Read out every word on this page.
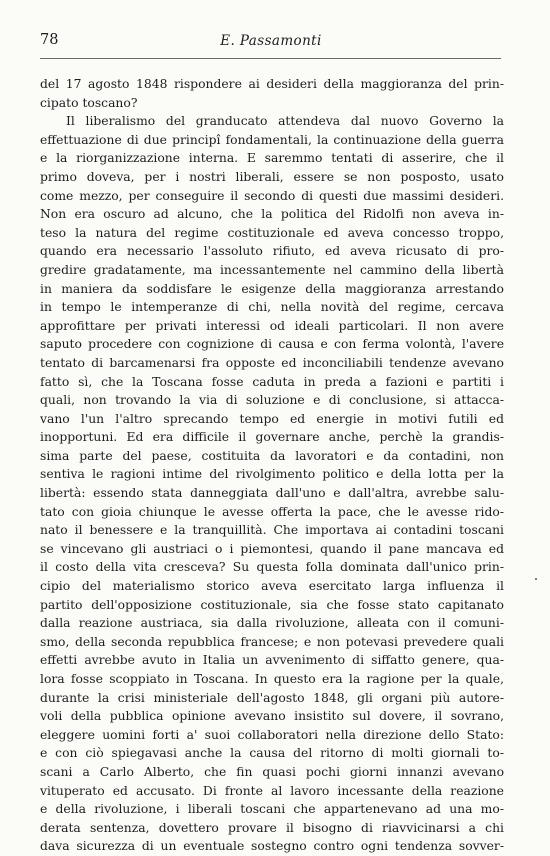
78	E. Passamonti
del 17 agosto 1848 rispondere ai desideri della maggioranza del prin-
cipato toscano?
Il liberalismo del granducato attendeva dal nuovo Governo la
effettuazione di due principî fondamentali, la continuazione della guerra
e la riorganizzazione interna. E saremmo tentati di asserire, che il
primo doveva, per i nostri liberali, essere se non posposto, usato
come mezzo, per conseguire il secondo di questi due massimi desideri.
Non era oscuro ad alcuno, che la politica del Ridolfi non aveva in-
teso la natura del regime costituzionale ed aveva concesso troppo,
quando era necessario l'assoluto rifiuto, ed aveva ricusato di pro-
gredire gradatamente, ma incessantemente nel cammino della libertà
in maniera da soddisfare le esigenze della maggioranza arrestando
in tempo le intemperanze di chi, nella novità del regime, cercava
approfittare per privati interessi od ideali particolari. Il non avere
saputo procedere con cognizione di causa e con ferma volontà, l'avere
tentato di barcamenarsi fra opposte ed inconciliabili tendenze avevano
fatto sì, che la Toscana fosse caduta in preda a fazioni e partiti i
quali, non trovando la via di soluzione e di conclusione, si attacca-
vano l'un l'altro sprecando tempo ed energie in motivi futili ed
inopportuni. Ed era difficile il governare anche, perchè la grandis-
sima parte del paese, costituita da lavoratori e da contadini, non
sentiva le ragioni intime del rivolgimento politico e della lotta per la
libertà: essendo stata danneggiata dall'uno e dall'altra, avrebbe salu-
tato con gioia chiunque le avesse offerta la pace, che le avesse rido-
nato il benessere e la tranquillità. Che importava ai contadini toscani
se vincevano gli austriaci o i piemontesi, quando il pane mancava ed
il costo della vita cresceva? Su questa folla dominata dall'unico prin-
cipio del materialismo storico aveva esercitato larga influenza il
partito dell'opposizione costituzionale, sia che fosse stato capitanato
dalla reazione austriaca, sia dalla rivoluzione, alleata con il comuni-
smo, della seconda repubblica francese; e non potevasi prevedere quali
effetti avrebbe avuto in Italia un avvenimento di siffatto genere, qua-
lora fosse scoppiato in Toscana. In questo era la ragione per la quale,
durante la crisi ministeriale dell'agosto 1848, gli organi più autore-
voli della pubblica opinione avevano insistito sul dovere, il sovrano,
eleggere uomini forti a' suoi collaboratori nella direzione dello Stato:
e con ciò spiegavasi anche la causa del ritorno di molti giornali to-
scani a Carlo Alberto, che fin quasi pochi giorni innanzi avevano
vituperato ed accusato. Di fronte al lavoro incessante della reazione
e della rivoluzione, i liberali toscani che appartenevano ad una mo-
derata sentenza, dovettero provare il bisogno di riavvicinarsi a chi
dava sicurezza di un eventuale sostegno contro ogni tendenza sovver-
